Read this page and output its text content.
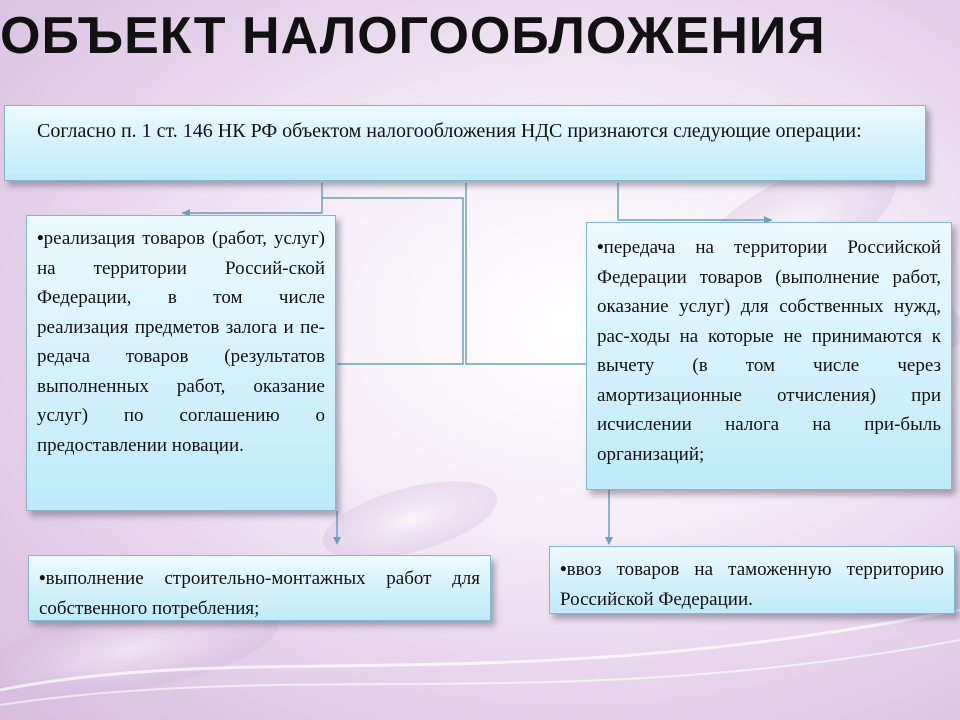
ОБЪЕКТ НАЛОГООБЛОЖЕНИЯ
Согласно п. 1 ст. 146 НК РФ объектом налогообложения НДС признаются следующие операции:
•реализация товаров (работ, услуг) на территории Россий-ской Федерации, в том числе реализация предметов залога и пе-редача товаров (результатов выполненных работ, оказание услуг) по соглашению о предоставлении новации.
•передача на территории Российской Федерации товаров (выполнение работ, оказание услуг) для собственных нужд, рас-ходы на которые не принимаются к вычету (в том числе через амортизационные отчисления) при исчислении налога на при-быль организаций;
•выполнение строительно-монтажных работ для собственного потребления;
•ввоз товаров на таможенную территорию Российской Федерации.
